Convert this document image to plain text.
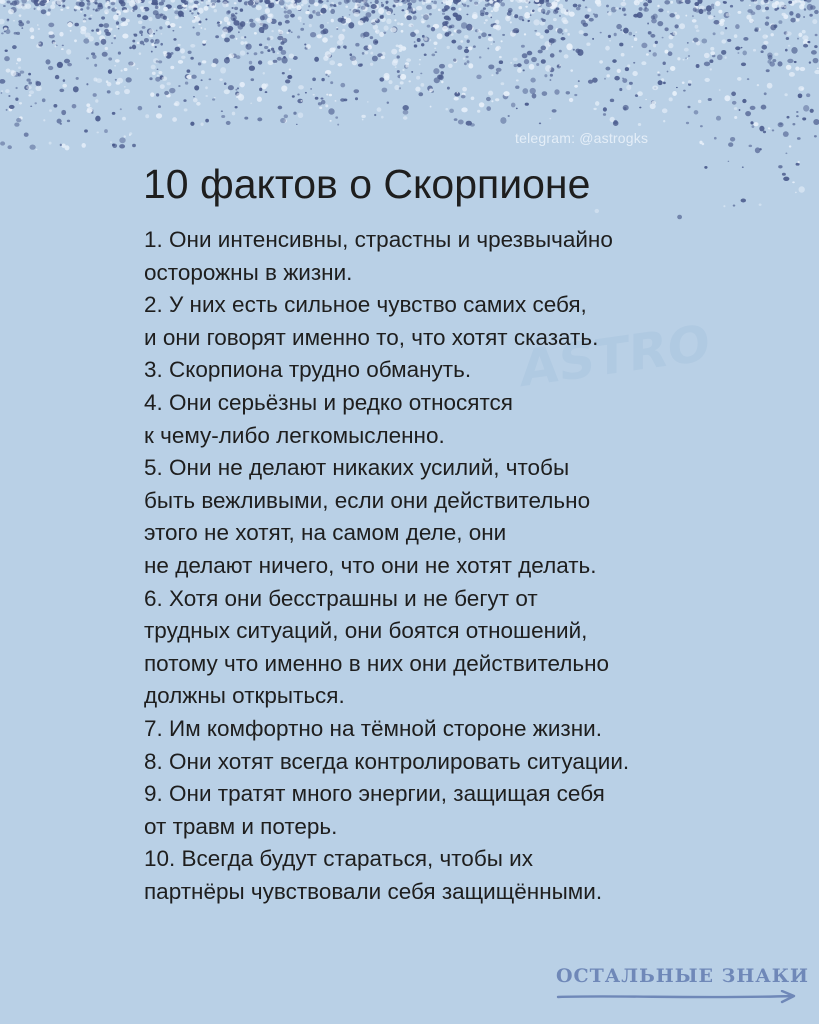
ASTRO
telegram: @astrogks
10 фактов о Скорпионе
1. Они интенсивны, страстны и чрезвычайно
осторожны в жизни.
2. У них есть сильное чувство самих себя,
и они говорят именно то, что хотят сказать.
3. Скорпиона трудно обмануть.
4. Они серьёзны и редко относятся
к чему-либо легкомысленно.
5. Они не делают никаких усилий, чтобы
быть вежливыми, если они действительно
этого не хотят, на самом деле, они
не делают ничего, что они не хотят делать.
6. Хотя они бесстрашны и не бегут от
трудных ситуаций, они боятся отношений,
потому что именно в них они действительно
должны открыться.
7. Им комфортно на тёмной стороне жизни.
8. Они хотят всегда контролировать ситуации.
9. Они тратят много энергии, защищая себя
от травм и потерь.
10. Всегда будут стараться, чтобы их
партнёры чувствовали себя защищёнными.
ОСТАЛЬНЫЕ ЗНАКИ
